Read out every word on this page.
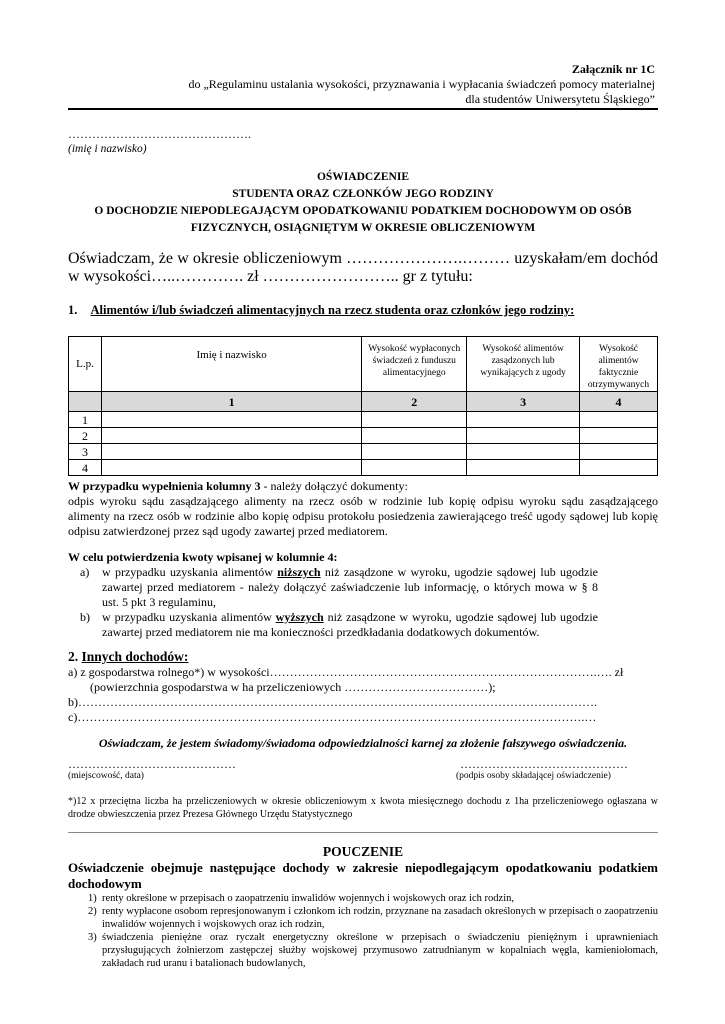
Załącznik nr 1C
do „Regulaminu ustalania wysokości, przyznawania i wypłacania świadczeń pomocy materialnej
dla studentów Uniwersytetu Śląskiego”
……………………………………….
(imię i nazwisko)
OŚWIADCZENIE
STUDENTA ORAZ CZŁONKÓW JEGO RODZINY
O DOCHODZIE NIEPODLEGAJĄCYM OPODATKOWANIU PODATKIEM DOCHODOWYM OD OSÓB
FIZYCZNYCH, OSIĄGNIĘTYM W OKRESIE OBLICZENIOWYM
Oświadczam, że w okresie obliczeniowym ………………….……… uzyskałam/em dochód
w wysokości…..…………. zł …………………….. gr z tytułu:
1. Alimentów i/lub świadczeń alimentacyjnych na rzecz studenta oraz członków jego rodziny:
L.p.	Imię i nazwisko	Wysokość wypłaconych świadczeń z funduszu alimentacyjnego	Wysokość alimentów zasądzonych lub wynikających z ugody	Wysokość alimentów faktycznie otrzymywanych
	1	2	3	4
1				
2				
3				
4				
W przypadku wypełnienia kolumny 3 - należy dołączyć dokumenty:
odpis wyroku sądu zasądzającego alimenty na rzecz osób w rodzinie lub kopię odpisu wyroku sądu zasądzającego alimenty na rzecz osób w rodzinie albo kopię odpisu protokołu posiedzenia zawierającego treść ugody sądowej lub kopię odpisu zatwierdzonej przez sąd ugody zawartej przed mediatorem.
W celu potwierdzenia kwoty wpisanej w kolumnie 4:
a) w przypadku uzyskania alimentów niższych niż zasądzone w wyroku, ugodzie sądowej lub ugodzie zawartej przed mediatorem - należy dołączyć zaświadczenie lub informację, o których mowa w § 8 ust. 5 pkt 3 regulaminu,
b) w przypadku uzyskania alimentów wyższych niż zasądzone w wyroku, ugodzie sądowej lub ugodzie zawartej przed mediatorem nie ma konieczności przedkładania dodatkowych dokumentów.
2. Innych dochodów:
a) z gospodarstwa rolnego*) w wysokości……………………………………………………………………….…. zł
(powierzchnia gospodarstwa w ha przeliczeniowych ………………………………);
b)………………………………………………………………………………………………………………….
c)……………………………………………………………………………………………………………….…
Oświadczam, że jestem świadomy/świadoma odpowiedzialności karnej za złożenie fałszywego oświadczenia.
……………………………………
(miejscowość, data)
……………………………………
(podpis osoby składającej oświadczenie)
*)12 x przeciętna liczba ha przeliczeniowych w okresie obliczeniowym x kwota miesięcznego dochodu z 1ha przeliczeniowego ogłaszana w drodze obwieszczenia przez Prezesa Głównego Urzędu Statystycznego
POUCZENIE
Oświadczenie obejmuje następujące dochody w zakresie niepodlegającym opodatkowaniu podatkiem dochodowym
1) renty określone w przepisach o zaopatrzeniu inwalidów wojennych i wojskowych oraz ich rodzin,
2) renty wypłacone osobom represjonowanym i członkom ich rodzin, przyznane na zasadach określonych w przepisach o zaopatrzeniu inwalidów wojennych i wojskowych oraz ich rodzin,
3) świadczenia pieniężne oraz ryczałt energetyczny określone w przepisach o świadczeniu pieniężnym i uprawnieniach przysługujących żołnierzom zastępczej służby wojskowej przymusowo zatrudnianym w kopalniach węgla, kamieniołomach, zakładach rud uranu i batalionach budowlanych,
